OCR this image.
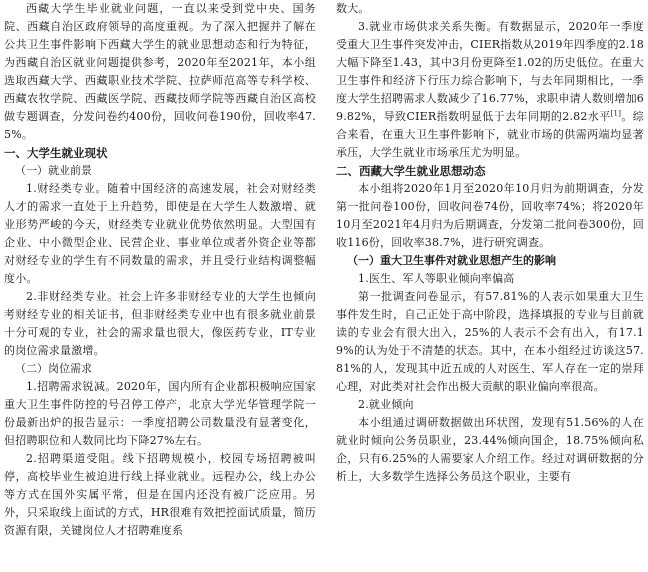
西藏大学生毕业就业问题，一直以来受到党中央、国务院、西藏自治区政府领导的高度重视。为了深入把握并了解在公共卫生事件影响下西藏大学生的就业思想动态和行为特征，为西藏自治区就业问题提供参考，2020年至2021年，本小组选取西藏大学、西藏职业技术学院、拉萨师范高等专科学校、西藏农牧学院、西藏医学院、西藏技师学院等西藏自治区高校做专题调查，分发问卷约400份，回收问卷190份，回收率47.5%。

一、大学生就业现状

（一）就业前景

1.财经类专业。随着中国经济的高速发展，社会对财经类人才的需求一直处于上升趋势，即使是在大学生人数激增、就业形势严峻的今天，财经类专业就业优势依然明显。大型国有企业、中小微型企业、民营企业、事业单位或者外资企业等都对财经专业的学生有不同数量的需求，并且受行业结构调整幅度小。

2.非财经类专业。社会上许多非财经专业的大学生也倾向考财经专业的相关证书，但非财经类专业中也有很多就业前景十分可观的专业，社会的需求量也很大，像医药专业，IT专业的岗位需求量激增。

（二）岗位需求

1.招聘需求锐减。2020年，国内所有企业都积极响应国家重大卫生事件防控的号召停工停产，北京大学光华管理学院一份最新出炉的报告显示：一季度招聘公司数量没有显著变化，但招聘职位和人数同比均下降27%左右。

2.招聘渠道受阻。线下招聘规模小，校园专场招聘被叫停，高校毕业生被迫进行线上择业就业。远程办公，线上办公等方式在国外实属平常，但是在国内还没有被广泛应用。另外，只采取线上面试的方式，HR很难有效把控面试质量，简历资源有限，关键岗位人才招聘难度系

数大。

3.就业市场供求关系失衡。有数据显示，2020年一季度受重大卫生事件突发冲击，CIER指数从2019年四季度的2.18大幅下降至1.43，其中3月份更降至1.02的历史低位。在重大卫生事件和经济下行压力综合影响下，与去年同期相比，一季度大学生招聘需求人数减少了16.77%，求职申请人数则增加69.82%，导致CIER指数明显低于去年同期的2.82水平[1]。综合来看，在重大卫生事件影响下，就业市场的供需两端均显著承压，大学生就业市场承压尤为明显。

二、西藏大学生就业思想动态

本小组将2020年1月至2020年10月归为前期调查，分发第一批问卷100份，回收问卷74份，回收率74%；将2020年10月至2021年4月归为后期调查，分发第二批问卷300份，回收116份，回收率38.7%，进行研究调查。

（一）重大卫生事件对就业思想产生的影响

1.医生、军人等职业倾向率偏高

第一批调查问卷显示，有57.81%的人表示如果重大卫生事件发生时，自己正处于高中阶段，选择填报的专业与目前就读的专业会有很大出入，25%的人表示不会有出入，有17.19%的认为处于不清楚的状态。其中，在本小组经过访谈这57.81%的人，发现其中近五成的人对医生、军人存在一定的崇拜心理，对此类对社会作出极大贡献的职业偏向率很高。

2.就业倾向

本小组通过调研数据做出环状图，发现有51.56%的人在就业时倾向公务员职业，23.44%倾向国企，18.75%倾向私企，只有6.25%的人需要家人介绍工作。经过对调研数据的分析上，大多数学生选择公务员这个职业，主要有
